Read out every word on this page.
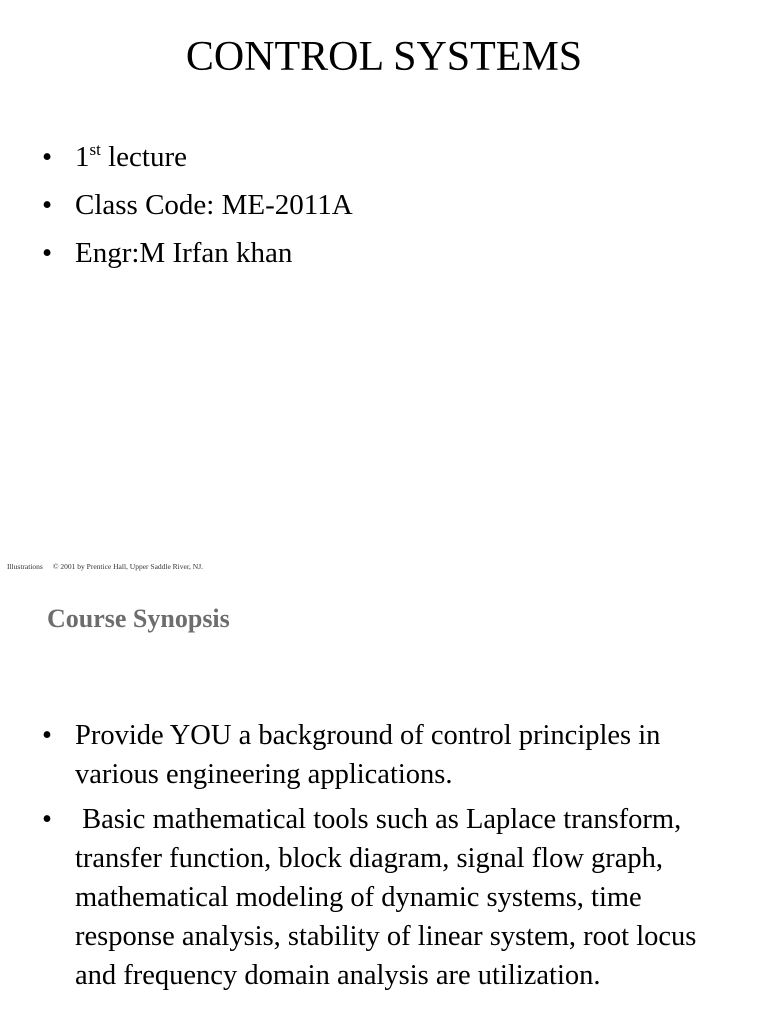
CONTROL SYSTEMS
• 1st lecture
• Class Code: ME-2011A
• Engr:M Irfan khan
Illustrations © 2001 by Prentice Hall, Upper Saddle River, NJ.
Course Synopsis
• Provide YOU a background of control principles in various engineering applications.
• Basic mathematical tools such as Laplace transform, transfer function, block diagram, signal flow graph, mathematical modeling of dynamic systems, time response analysis, stability of linear system, root locus and frequency domain analysis are utilization.
